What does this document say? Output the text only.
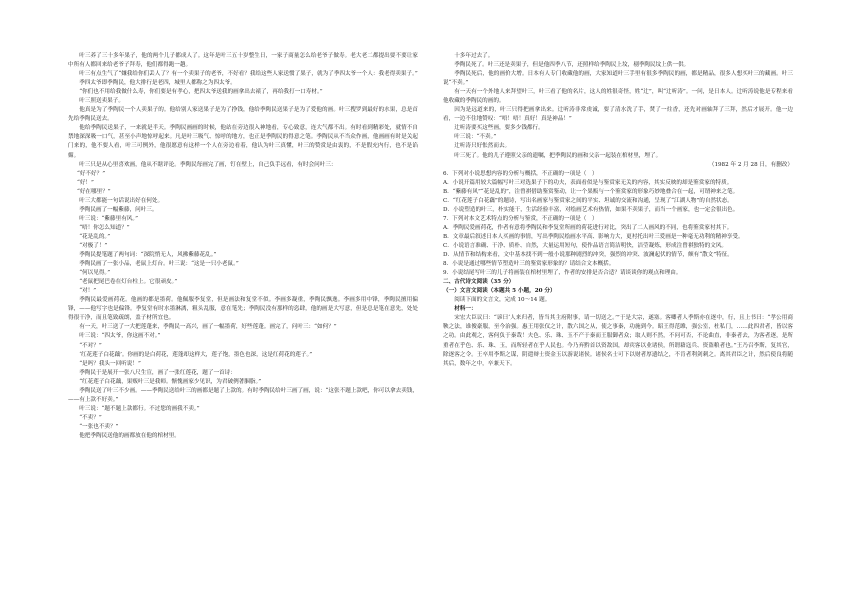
叶三养了三十多年果子，他的两个儿子都成人了。这年是叶三五十岁整生日，一家子商量怎么给老爷子做寿。老大老二都提出要不要让家中所有人都回来给老爷子拜寿，他们都得跑一趟。

叶三有点生气了“嫌我给你们丢人了？有一个卖果子的老爷，不好看？我给这些人家送惯了果子，就为了季四太爷一个人：我老得卖果子。”

季四太爷即季陶民，他大排行是老四，城里人都称之为四太爷。

“你们也不用给我做什么寿，你们要是有孝心，把四太爷送我的画拿出去裱了，再给我打一口寿材。”

叶三照送卖果子。

他真是为了季陶民一个人卖果子的。他给别人家送果子是为了挣钱，他给季陶民送果子是为了爱他的画。叶三搜罗到最好的水果，总是首先给季陶民送去。

他给季陶民送果子，一来就是半天。季陶民画画的时候，他站在旁边很入神地看，专心致意，连大气都不出。有时看到精彩处，就情不自禁地深深吸一口气，甚至小声地惊呼起来。凡是叶三吸气、惊呼的地方，也正是季陶民的得意之笔。季陶民从不当众作画，他画画有时是关起门来的，他不要人看，叶三可例外，他很愿意有这样一个人在旁边看着，他认为叶三真懂，叶三的赞赏是由衷的，不是假充内行，也不是谄媚。

叶三只是从心里喜欢画，他从不瞎评论。季陶民每画完了画，钉在壁上，自己负手远看，有时会问叶三：

“好不好？”

“好！”

“好在哪里？”

叶三大都能一句话说出好在何处。

季陶民画了一幅紫藤，问叶三。

叶三说：“紫藤里有风。”

“唔！你怎么知道？”

“花是乱的。”

“对极了！”

季陶民提笔题了两句词：“深院悄无人，风拂紫藤花乱。”

季陶民画了一张小品，老鼠上灯台。叶三说：“这是一只小老鼠。”

“何以见得。”

“老鼠把尾巴卷在灯台柱上。它很顽皮。”

“对！”

季陶民最爱画荷花。他画的都是墨荷。他佩服李复堂，但是画法和复堂不似。李画多凝重，季陶民飘逸。李画多用中锋，季陶民擅用偏锋，——他写字也是偏锋。季复堂有时水墨淋漓，粗头乱服，意在笔先；季陶民没有那样的恣肆，他的画是大写意，但是总是笔在意先，处处得很干净，而且笔致疏朗，盖子材所宜也。

有一天，叶三送了一大把莲蓬来，季陶民一高兴，画了一幅墨荷，好些莲蓬。画完了，问叶三：“如何？”

叶三说：“四太爷，你这画不对。”

“不对？”

‘红花莲子白花藕’。你画的是白荷花，莲蓬却这样大，莲子饱，墨色也深，这是红荷花的莲子。”

“是吗？我头一回听说！”

季陶民于是展开一张八尺生宣，画了一张红莲花，题了一首诗：

“红花莲子白花藕，果贩叶三是我师。惭愧画家少见识，为君破例著胭脂。”

季陶民送了叶三不少画。——季陶民送给叶三的画都是题了上款的。有时季陶民给叶三画了画，说：“这张不题上款吧，你可以拿去卖钱，——有上款不好卖。”

叶三说：“题不题上款都行。不过您的画我不卖。”

“不卖？”

“一张也不卖？”

他把季陶民送他的画都放在他的棺材里。

十多年过去了。

季陶民死了。叶三还是卖果子，但是他四季八节，还照样给季陶民上坟，剔季陶民坟上供一供。

季陶民死后，他的画价大增。日本有人专门收藏他的画，大家知道叶三手里有很多季陶民的画，都是精品，很多人想买叶三的藏画。叶三说“不卖。”

有一天有一个外地人来拜望叶三，叶三看了他的名片，这人的姓很奇怪，姓“辻”，叫“辻听涛”。一问，是日本人。辻听涛说他是专程来看他收藏的季陶民的画的。

因为是远道来的，叶三只得把画拿出来。辻听涛非常虔诚，要了清水洗了手，焚了一炷香，还先对画轴拜了三拜，然后才展开。他一边看，一边不住地赞叹：“唔！唔！真好！真是神品！”

辻听涛要买这些画，要多少钱都行。

叶三说：“不卖。”

辻听涛只好怅然而去。

叶三死了。他的儿子遵照父亲的遗嘱，把季陶民的画和父亲一起装在棺材里，埋了。

（1982 年 2 月 28 日，有删改）

6．下列对小说思想内容的分析与概括，不正确的一项是（　）

A．小说开篇用较大篇幅写叶三对选果子下的功夫，表面看似是与鉴赏家无关的内容，其实反映的却是鉴赏家的特质。

B．“紫藤有风”“花是乱的”，注曾祺借助鉴赏鉴动，让一个果贩与一个鉴赏家的形象巧妙地叠合在一起，可谓神来之笔。

C．“红花莲子白花藕”的题诗，写出名画家与鉴赏家之间的平实、坦诚的交流和沟通，呈现了“江湖人物”的自然状态。

D．小说塑造的叶三，朴实能干，生活经验丰富，对绘画艺术有热情，如果不卖果子，而当一个画家，也一定会很出色。

7．下列对本文艺术特点的分析与鉴赏，不正确的一项是（　）

A．季陶民爱画荷花，作者有意将季陶民和李复堂所画的荷花进行对比，突出了二人画风的不同，也将鉴赏家衬其下。

B．文章最后叙述日本人买画的事情，写出季陶民绘画水平高、影响力大，更衬托出叶三爱画是一种毫无功利的精神享受。

C．小说语言准确、干净、质朴、自然，大量运用短句，使作品语言简洁明快，洁莹凝炼，形成注曾祺独特的文风。

D．从情节和结构来看，文中基本找不到一般小说那种剧烈的冲突，强烈的冲突、波澜起伏的情节，颇有“散文”特征。

8．小说是通过哪些情节塑造叶三的鉴赏家形象的？请结合文本概括。

9．小说结尾写叶三的儿子将画装在棺材里埋了，作者的安排是否合适？请谈谈你的观点和理由。

二、古代诗文阅读（35 分）

（一）文言文阅读（本题共 5 小题，20 分）

阅读下面的文言文，完成 10～14 题。

材料一：

宋宏大臣议曰：“谚曰‘人来归者，皆当其主府附事，请一切送之。’”于是大宗，遂塞。客卿者人季斯亦在逐中，行，且上书曰：“孝公用商鞅之法，谁俊豪服，至今治强。惠王用张仪之计，散六国之从，使之事秦，功施到今。昭王得范雎，强公室，杜私门，……此四君者，皆以客之功。由此观之，客何负于秦哉！夫色、乐、珠、玉不产于秦而王服御者众；取人则不然，不问可否，不论曲直，非秦者去，为客者逐，是所重者在乎色、乐、珠、玉，而所轻者在乎人民也。今乃弃黔首以资敌国，却宾客以业诸侯，所谓藉寇兵、资盗粮者也。”王乃召李斯，复其官，除逐客之令。王卒用李斯之谋，阴遣辩士资金玉以游说诸侯。诸侯名士可下以财者厚遗结之，不肯者利剑刺之。离其君臣之计，然后使良将随其后，数年之中，卒兼天下。
